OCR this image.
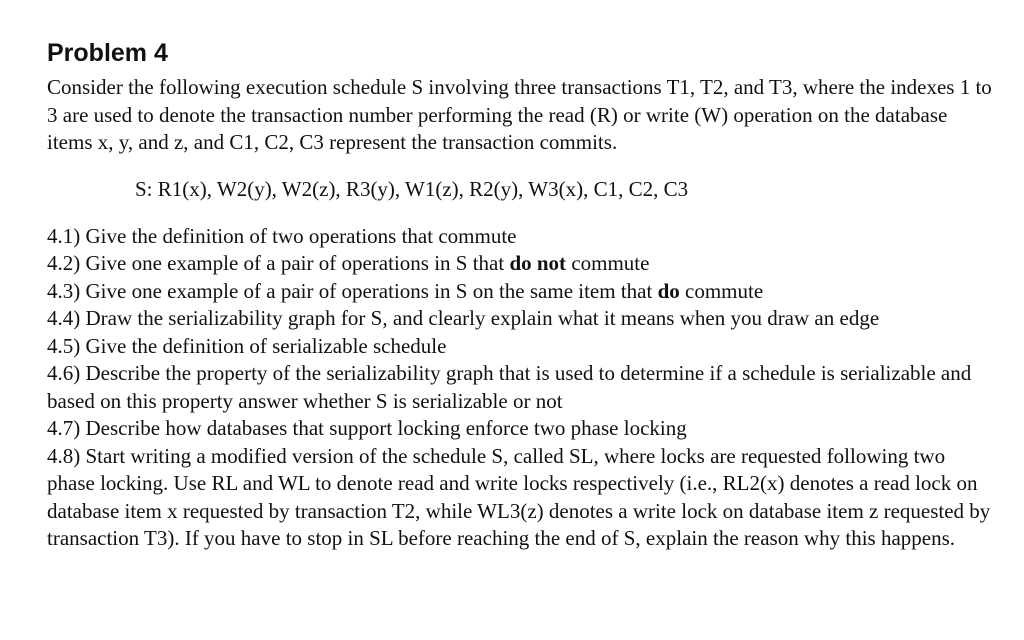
Problem 4

Consider the following execution schedule S involving three transactions T1, T2, and T3, where the indexes 1 to 3 are used to denote the transaction number performing the read (R) or write (W) operation on the database items x, y, and z, and C1, C2, C3 represent the transaction commits.

S: R1(x), W2(y), W2(z), R3(y), W1(z), R2(y), W3(x), C1, C2, C3

4.1) Give the definition of two operations that commute

4.2) Give one example of a pair of operations in S that do not commute

4.3) Give one example of a pair of operations in S on the same item that do commute

4.4) Draw the serializability graph for S, and clearly explain what it means when you draw an edge

4.5) Give the definition of serializable schedule

4.6) Describe the property of the serializability graph that is used to determine if a schedule is serializable and based on this property answer whether S is serializable or not

4.7) Describe how databases that support locking enforce two phase locking

4.8) Start writing a modified version of the schedule S, called SL, where locks are requested following two phase locking. Use RL and WL to denote read and write locks respectively (i.e., RL2(x) denotes a read lock on database item x requested by transaction T2, while WL3(z) denotes a write lock on database item z requested by transaction T3). If you have to stop in SL before reaching the end of S, explain the reason why this happens.
